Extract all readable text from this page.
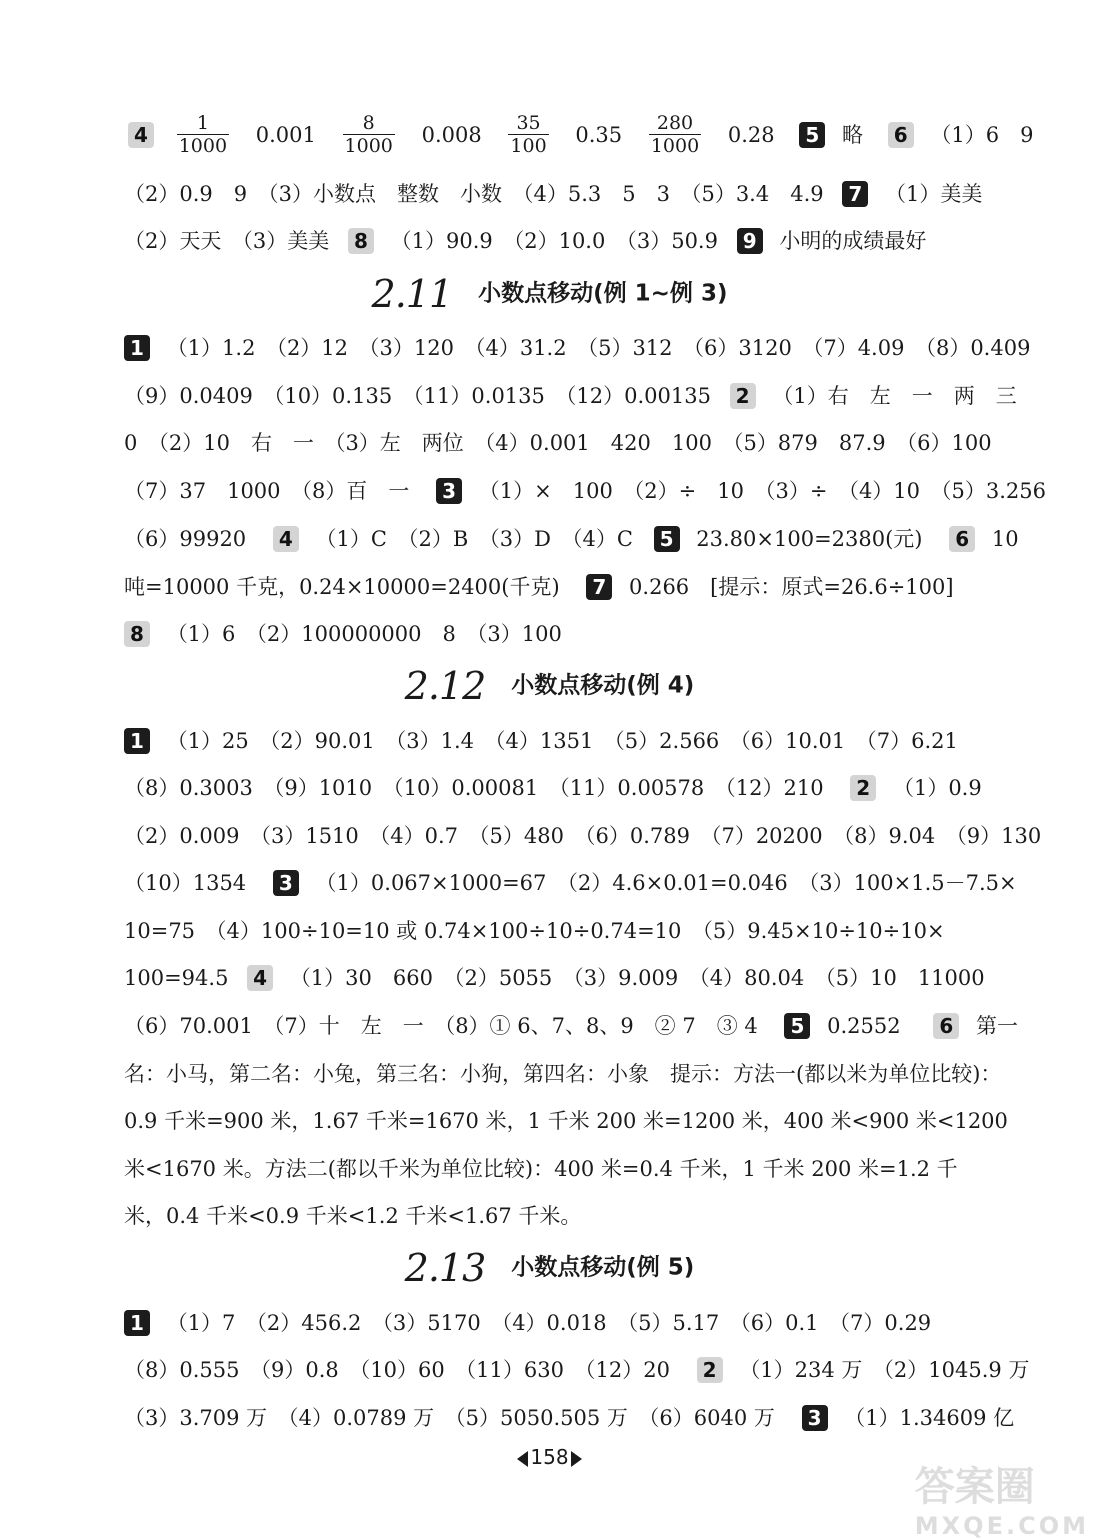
$4 \frac{1}{1000} 0.001 \frac{8}{1000} 0.008 \frac{35}{100} 0.35 \frac{280}{1000} 0.28$ 5 略 6 （1）6　9
（2）0.9　9　（3）小数点　整数　小数　（4）5.3　5　3　（5）3.4　4.9 7 （1）美美
（2）天天　（3）美美 8 （1）90.9　（2）10.0　（3）50.9 9 小明的成绩最好
2.11 小数点移动(例 1~例 3)
1 （1）1.2　（2）12　（3）120　（4）31.2　（5）312　（6）3120　（7）4.09　（8）0.409
（9）0.0409　（10）0.135　（11）0.0135　（12）0.00135 2 （1）右　左　一　两　三
0　（2）10　右　一　（3）左　两位　（4）0.001　420　100　（5）879　87.9　（6）100
（7）37　1000　（8）百　一 3 （1）×　100　（2）÷　10　（3）÷　（4）10　（5）3.256
（6）99920 4 （1）C　（2）B　（3）D　（4）C 5 23.80×100=2380(元) 6 10
吨=10000 千克，0.24×10000=2400(千克) 7 0.266　[提示：原式=26.6÷100]
8 （1）6　（2）100000000　8　（3）100
2.12 小数点移动(例 4)
1 （1）25　（2）90.01　（3）1.4　（4）1351　（5）2.566　（6）10.01　（7）6.21
（8）0.3003　（9）1010　（10）0.00081　（11）0.00578　（12）210 2 （1）0.9
（2）0.009　（3）1510　（4）0.7　（5）480　（6）0.789　（7）20200　（8）9.04　（9）130
（10）1354 3 （1）0.067×1000=67　（2）4.6×0.01=0.046　（3）100×1.5－7.5×
10=75　（4）100÷10=10 或 0.74×100÷10÷0.74=10　（5）9.45×10÷10÷10×
100=94.5 4 （1）30　660　（2）5055　（3）9.009　（4）80.04　（5）10　11000
（6）70.001　（7）十　左　一　（8）① 6、7、8、9　② 7　③ 4 5 0.2552 6 第一
名：小马，第二名：小兔，第三名：小狗，第四名：小象　提示：方法一(都以米为单位比较)：
0.9 千米=900 米，1.67 千米=1670 米，1 千米 200 米=1200 米，400 米<900 米<1200
米<1670 米。方法二(都以千米为单位比较)：400 米=0.4 千米，1 千米 200 米=1.2 千
米，0.4 千米<0.9 千米<1.2 千米<1.67 千米。
2.13 小数点移动(例 5)
1 （1）7　（2）456.2　（3）5170　（4）0.018　（5）5.17　（6）0.1　（7）0.29
（8）0.555　（9）0.8　（10）60　（11）630　（12）20 2 （1）234 万　（2）1045.9 万
（3）3.709 万　（4）0.0789 万　（5）5050.505 万　（6）6040 万 3 （1）1.34609 亿
158
答案圈
MXQE.COM
